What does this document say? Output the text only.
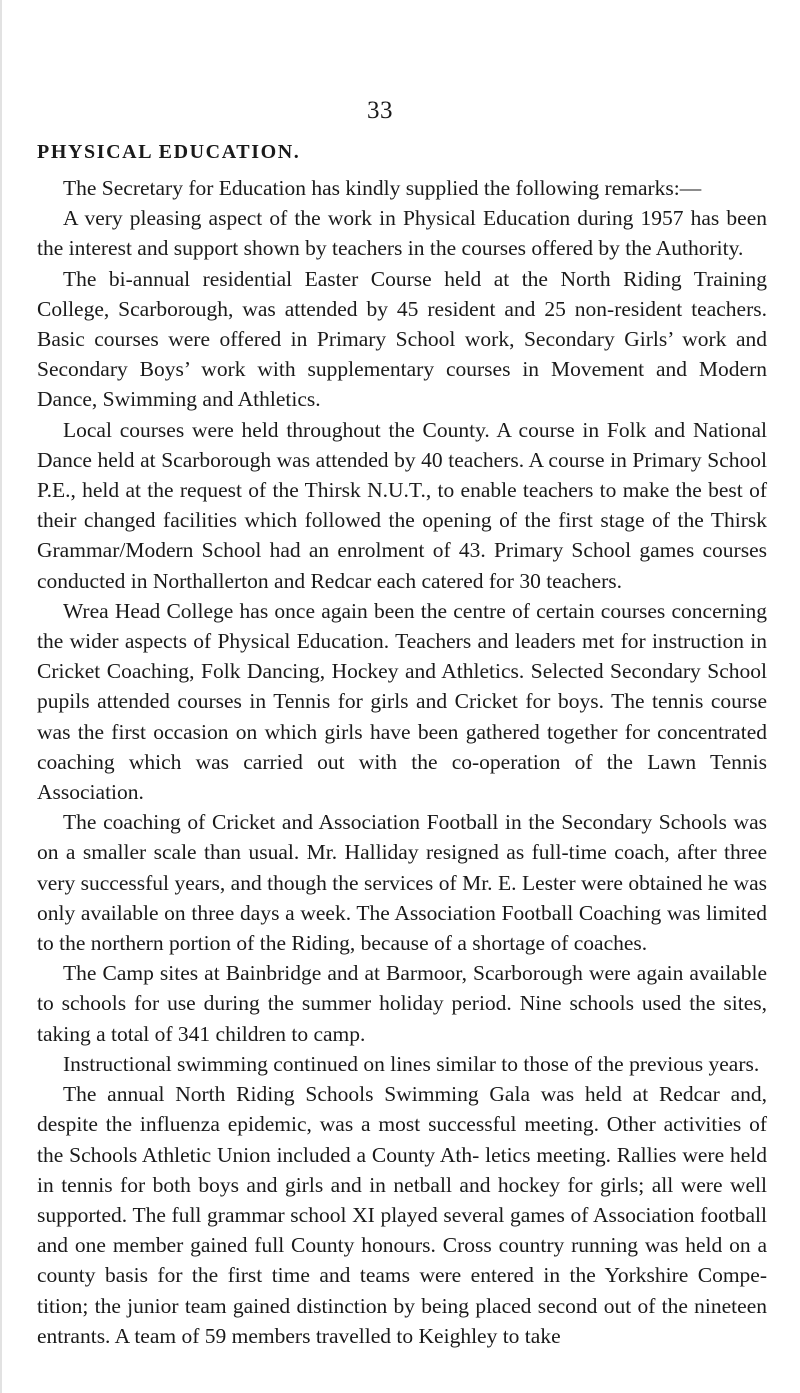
33
PHYSICAL EDUCATION.

The Secretary for Education has kindly supplied the following remarks:—

A very pleasing aspect of the work in Physical Education during 1957 has been the interest and support shown by teachers in the courses offered by the Authority.

The bi-annual residential Easter Course held at the North Riding Training College, Scarborough, was attended by 45 resident and 25 non-resident teachers. Basic courses were offered in Primary School work, Secondary Girls’ work and Secondary Boys’ work with supplementary courses in Movement and Modern Dance, Swimming and Athletics.

Local courses were held throughout the County. A course in Folk and National Dance held at Scarborough was attended by 40 teachers. A course in Primary School P.E., held at the request of the Thirsk N.U.T., to enable teachers to make the best of their changed facilities which followed the opening of the first stage of the Thirsk Grammar/Modern School had an enrolment of 43. Primary School games courses conducted in Northallerton and Redcar each catered for 30 teachers.

Wrea Head College has once again been the centre of certain courses concerning the wider aspects of Physical Education. Teachers and leaders met for instruction in Cricket Coaching, Folk Dancing, Hockey and Athletics. Selected Secondary School pupils attended courses in Tennis for girls and Cricket for boys. The tennis course was the first occasion on which girls have been gathered together for concentrated coaching which was carried out with the co-operation of the Lawn Tennis Association.

The coaching of Cricket and Association Football in the Secondary Schools was on a smaller scale than usual. Mr. Halliday resigned as full-time coach, after three very successful years, and though the services of Mr. E. Lester were obtained he was only available on three days a week. The Association Football Coaching was limited to the northern portion of the Riding, because of a shortage of coaches.

The Camp sites at Bainbridge and at Barmoor, Scarborough were again available to schools for use during the summer holiday period. Nine schools used the sites, taking a total of 341 children to camp.

Instructional swimming continued on lines similar to those of the previous years.

The annual North Riding Schools Swimming Gala was held at Redcar and, despite the influenza epidemic, was a most successful meeting. Other activities of the Schools Athletic Union included a County Ath- letics meeting. Rallies were held in tennis for both boys and girls and in netball and hockey for girls; all were well supported. The full grammar school XI played several games of Association football and one member gained full County honours. Cross country running was held on a county basis for the first time and teams were entered in the Yorkshire Compe- tition; the junior team gained distinction by being placed second out of the nineteen entrants. A team of 59 members travelled to Keighley to take
